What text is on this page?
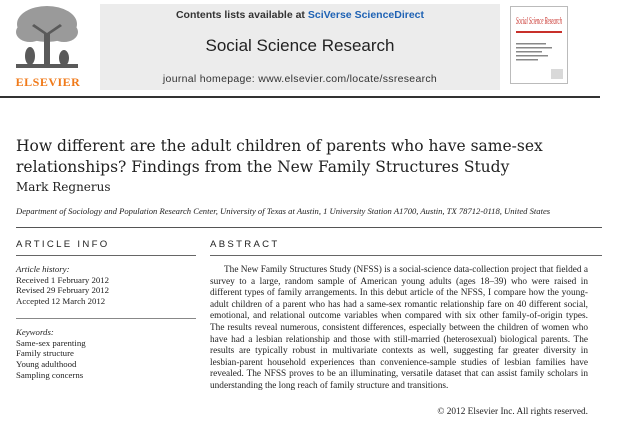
ELSEVIER
Contents lists available at SciVerse ScienceDirect
Social Science Research
journal homepage: www.elsevier.com/locate/ssresearch
Social Science Research
How different are the adult children of parents who have same-sex relationships? Findings from the New Family Structures Study
Mark Regnerus
Department of Sociology and Population Research Center, University of Texas at Austin, 1 University Station A1700, Austin, TX 78712-0118, United States
ARTICLE INFO	ABSTRACT
Article history:
Received 1 February 2012
Revised 29 February 2012
Accepted 12 March 2012
Keywords:
Same-sex parenting
Family structure
Young adulthood
Sampling concerns
The New Family Structures Study (NFSS) is a social-science data-collection project that fielded a survey to a large, random sample of American young adults (ages 18–39) who were raised in different types of family arrangements. In this debut article of the NFSS, I compare how the young-adult children of a parent who has had a same-sex romantic relationship fare on 40 different social, emotional, and relational outcome variables when compared with six other family-of-origin types. The results reveal numerous, consistent differences, especially between the children of women who have had a lesbian relationship and those with still-married (heterosexual) biological parents. The results are typically robust in multivariate contexts as well, suggesting far greater diversity in lesbian-parent household experiences than convenience-sample studies of lesbian families have revealed. The NFSS proves to be an illuminating, versatile dataset that can assist family scholars in understanding the long reach of family structure and transitions.
© 2012 Elsevier Inc. All rights reserved.
